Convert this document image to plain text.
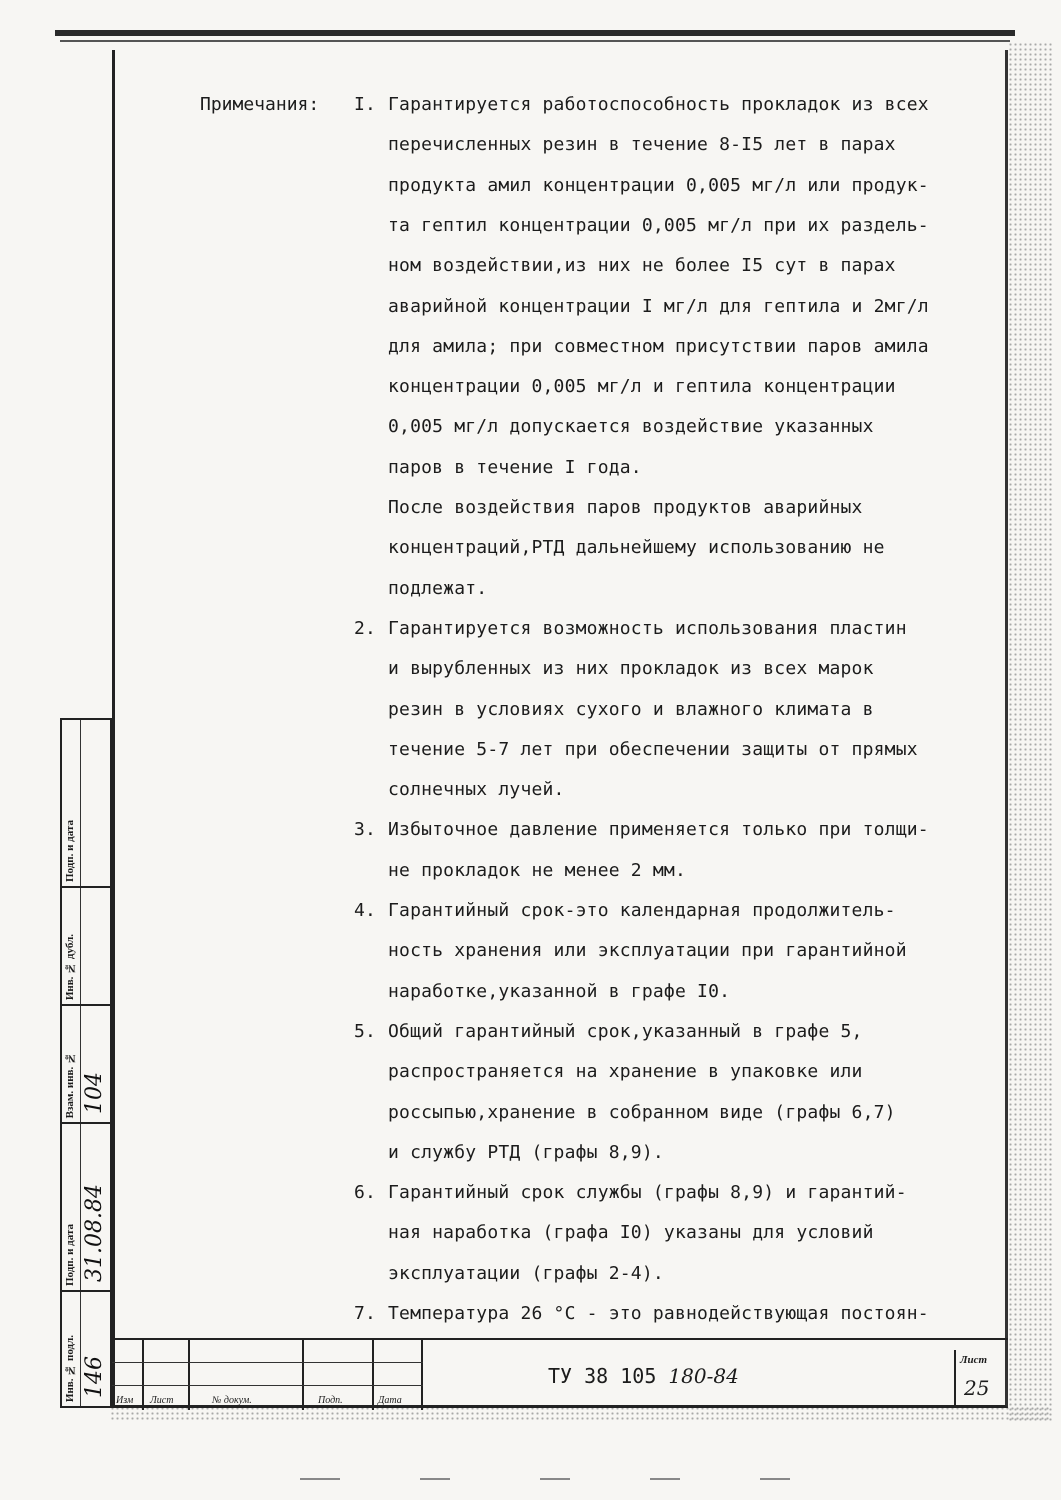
Примечания: I. Гарантируется работоспособность прокладок из всех
перечисленных резин в течение 8-I5 лет в парах
продукта амил концентрации 0,005 мг/л или продук-
та гептил концентрации 0,005 мг/л при их раздель-
ном воздействии,из них не более I5 сут в парах
аварийной концентрации I мг/л для гептила и 2мг/л
для амила; при совместном присутствии паров амила
концентрации 0,005 мг/л и гептила концентрации
0,005 мг/л допускается воздействие указанных
паров в течение I года.
После воздействия паров продуктов аварийных
концентраций,РТД дальнейшему использованию не
подлежат.
2. Гарантируется возможность использования пластин
и вырубленных из них прокладок из всех марок
резин в условиях сухого и влажного климата в
течение 5-7 лет при обеспечении защиты от прямых
солнечных лучей.
3. Избыточное давление применяется только при толщи-
не прокладок не менее 2 мм.
4. Гарантийный срок-это календарная продолжитель-
ность хранения или эксплуатации при гарантийной
наработке,указанной в графе I0.
5. Общий гарантийный срок,указанный в графе 5,
распространяется на хранение в упаковке или
россыпью,хранение в собранном виде (графы 6,7)
и службу РТД (графы 8,9).
6. Гарантийный срок службы (графы 8,9) и гарантий-
ная наработка (графа I0) указаны для условий
эксплуатации (графы 2-4).
7. Температура 26 °С - это равнодействующая постоян-
Подп. и дата
Инв. № дубл.
Взам. инв. № 104
Подп. и дата 31.08.84
Инв. № подл. 146
Изм Лист	№ докум.	Подп.	Дата
ТУ 38 105 180-84
Лист
25
